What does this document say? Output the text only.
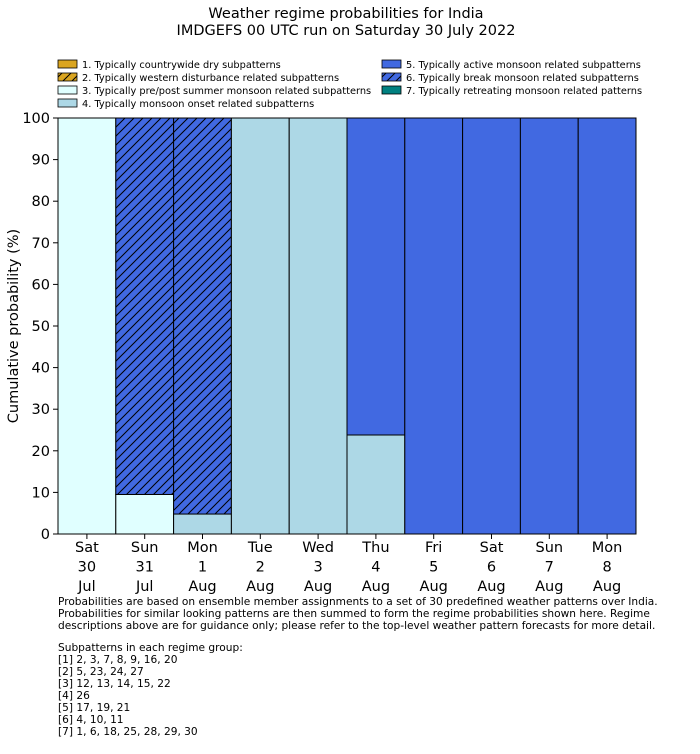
Weather regime probabilities for India
IMDGEFS 00 UTC run on Saturday 30 July 2022
1. Typically countrywide dry subpatterns
2. Typically western disturbance related subpatterns
3. Typically pre/post summer monsoon related subpatterns
4. Typically monsoon onset related subpatterns
5. Typically active monsoon related subpatterns
6. Typically break monsoon related subpatterns
7. Typically retreating monsoon related patterns
0
10
20
30
40
50
60
70
80
90
100
Sat 30 Jul
Sun 31 Jul
Mon 1 Aug
Tue 2 Aug
Wed 3 Aug
Thu 4 Aug
Fri 5 Aug
Sat 6 Aug
Sun 7 Aug
Mon 8 Aug
Cumulative probability (%)
Probabilities are based on ensemble member assignments to a set of 30 predefined weather patterns over India.
Probabilities for similar looking patterns are then summed to form the regime probabilities shown here. Regime
descriptions above are for guidance only; please refer to the top-level weather pattern forecasts for more detail.
Subpatterns in each regime group:
[1] 2, 3, 7, 8, 9, 16, 20
[2] 5, 23, 24, 27
[3] 12, 13, 14, 15, 22
[4] 26
[5] 17, 19, 21
[6] 4, 10, 11
[7] 1, 6, 18, 25, 28, 29, 30
